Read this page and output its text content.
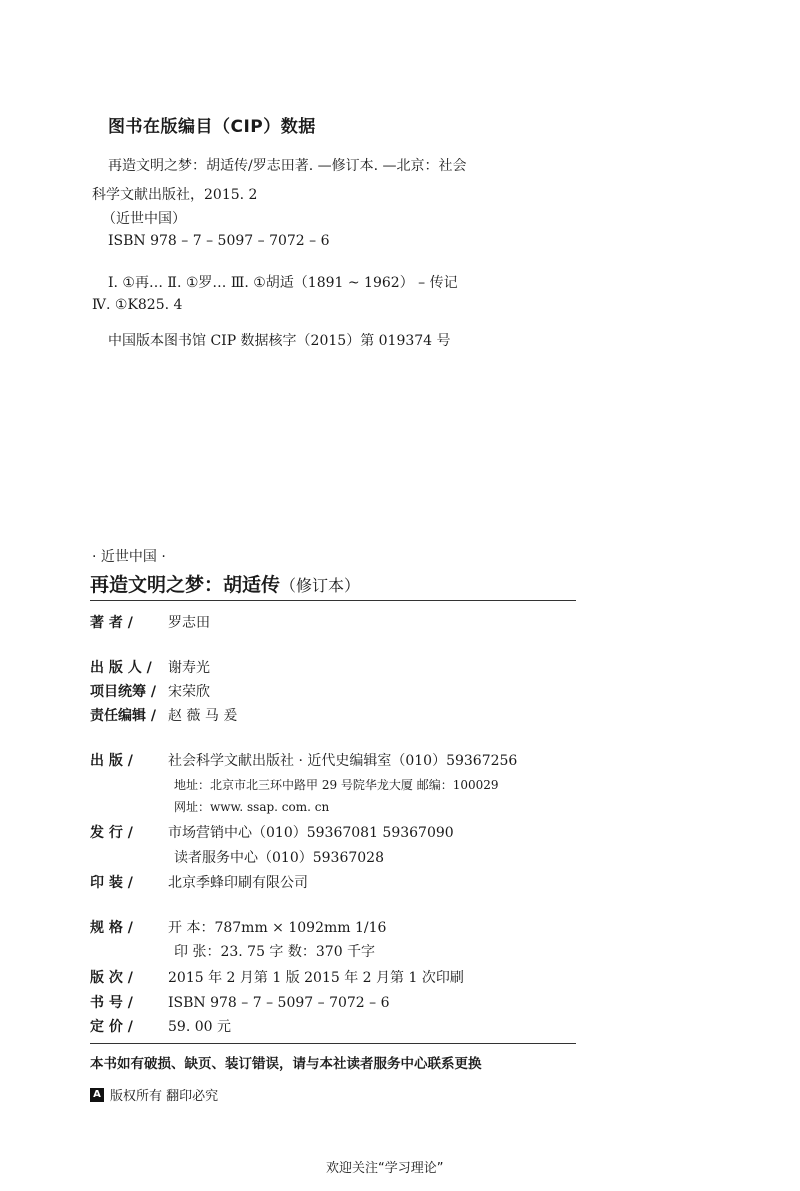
图书在版编目（CIP）数据
再造文明之梦：胡适传/罗志田著. —修订本. —北京：社会
科学文献出版社，2015. 2
（近世中国）
ISBN 978 – 7 – 5097 – 7072 – 6
Ⅰ. ①再… Ⅱ. ①罗… Ⅲ. ①胡适（1891 ~ 1962） – 传记
Ⅳ. ①K825. 4
中国版本图书馆 CIP 数据核字（2015）第 019374 号
· 近世中国 ·
再造文明之梦：胡适传（修订本）
著 者 /	罗志田
出 版 人 / 谢寿光
项目统筹 / 宋荣欣
责任编辑 / 赵 薇 马 爰
出 版 /	社会科学文献出版社 · 近代史编辑室（010）59367256
地址：北京市北三环中路甲 29 号院华龙大厦 邮编：100029
网址：www. ssap. com. cn
发 行 /	市场营销中心（010）59367081 59367090
读者服务中心（010）59367028
印 装 /	北京季蜂印刷有限公司
规 格 /	开 本：787mm × 1092mm 1/16
印 张：23. 75 字 数：370 千字
版 次 /	2015 年 2 月第 1 版 2015 年 2 月第 1 次印刷
书 号 /	ISBN 978 – 7 – 5097 – 7072 – 6
定 价 /	59. 00 元
本书如有破损、缺页、装订错误，请与本社读者服务中心联系更换
A 版权所有 翻印必究
欢迎关注“学习理论”
